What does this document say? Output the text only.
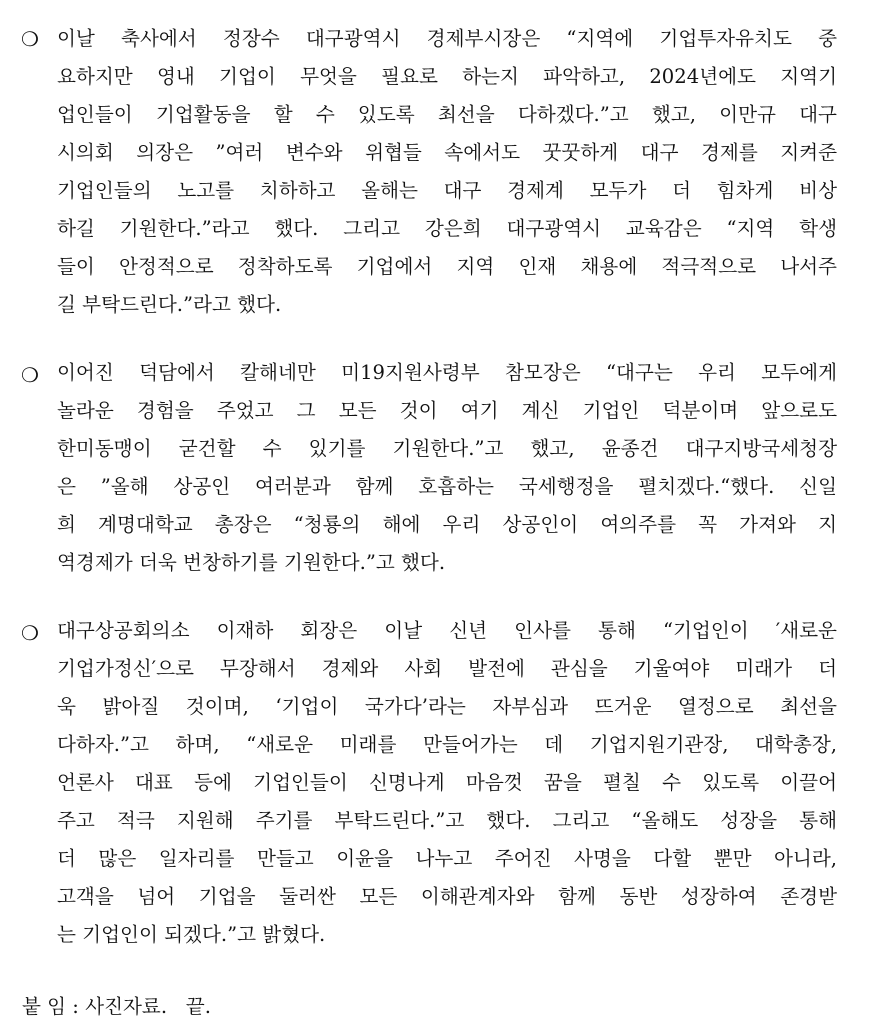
❍ 이날 축사에서 정장수 대구광역시 경제부시장은 “지역에 기업투자유치도 중
요하지만 영내 기업이 무엇을 필요로 하는지 파악하고, 2024년에도 지역기
업인들이 기업활동을 할 수 있도록 최선을 다하겠다.”고 했고, 이만규 대구
시의회 의장은 ”여러 변수와 위협들 속에서도 꿋꿋하게 대구 경제를 지켜준
기업인들의 노고를 치하하고 올해는 대구 경제계 모두가 더 힘차게 비상
하길 기원한다.”라고 했다. 그리고 강은희 대구광역시 교육감은 “지역 학생
들이 안정적으로 정착하도록 기업에서 지역 인재 채용에 적극적으로 나서주
길 부탁드린다.”라고 했다.
❍ 이어진 덕담에서 칼해네만 미19지원사령부 참모장은 “대구는 우리 모두에게
놀라운 경험을 주었고 그 모든 것이 여기 계신 기업인 덕분이며 앞으로도
한미동맹이 굳건할 수 있기를 기원한다.”고 했고, 윤종건 대구지방국세청장
은 ”올해 상공인 여러분과 함께 호흡하는 국세행정을 펼치겠다.“했다. 신일
희 계명대학교 총장은 “청룡의 해에 우리 상공인이 여의주를 꼭 가져와 지
역경제가 더욱 번창하기를 기원한다.”고 했다.
❍ 대구상공회의소 이재하 회장은 이날 신년 인사를 통해 “기업인이 ′새로운
기업가정신′으로 무장해서 경제와 사회 발전에 관심을 기울여야 미래가 더
욱 밝아질 것이며, ‘기업이 국가다’라는 자부심과 뜨거운 열정으로 최선을
다하자.”고 하며, “새로운 미래를 만들어가는 데 기업지원기관장, 대학총장,
언론사 대표 등에 기업인들이 신명나게 마음껏 꿈을 펼칠 수 있도록 이끌어
주고 적극 지원해 주기를 부탁드린다.”고 했다. 그리고 “올해도 성장을 통해
더 많은 일자리를 만들고 이윤을 나누고 주어진 사명을 다할 뿐만 아니라,
고객을 넘어 기업을 둘러싼 모든 이해관계자와 함께 동반 성장하여 존경받
는 기업인이 되겠다.”고 밝혔다.
붙 임 : 사진자료.   끝.
